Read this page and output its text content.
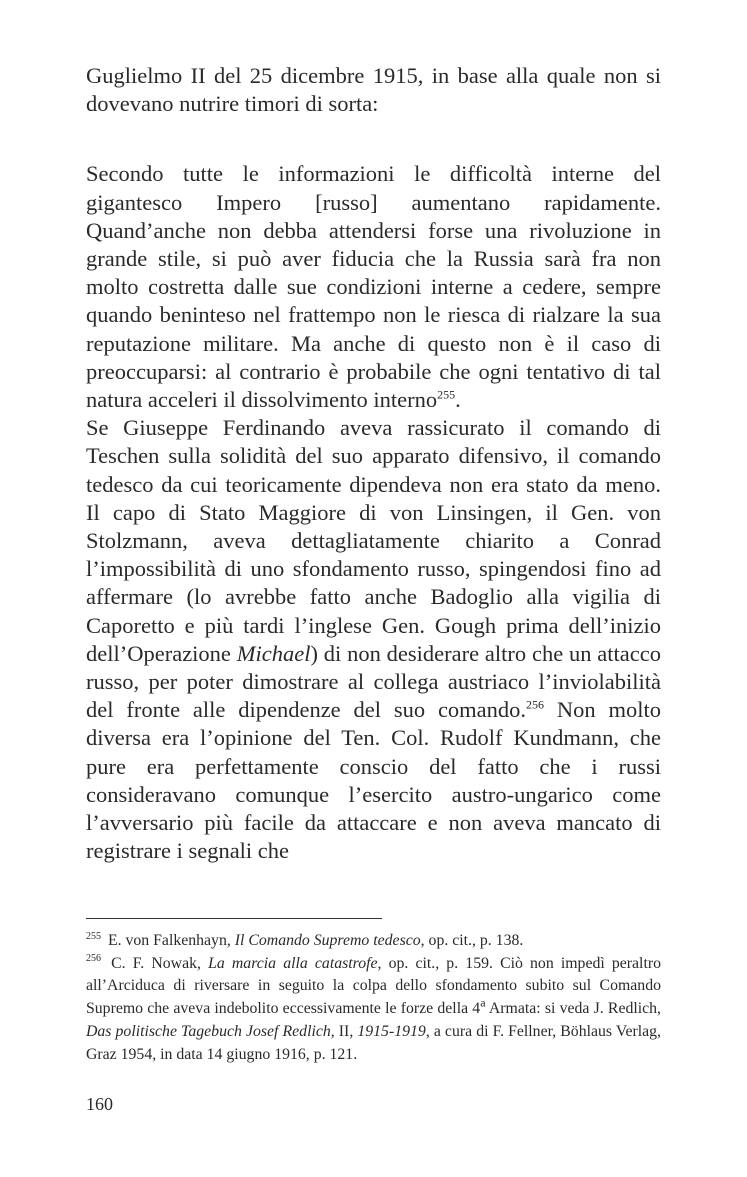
Guglielmo II del 25 dicembre 1915, in base alla quale non si dovevano nutrire timori di sorta:

Secondo tutte le informazioni le difficoltà interne del gigantesco Impero [russo] aumentano rapidamente. Quand’anche non debba attendersi forse una rivoluzione in grande stile, si può aver fiducia che la Russia sarà fra non molto costretta dalle sue condizioni interne a cedere, sempre quando beninteso nel frattempo non le riesca di rialzare la sua reputazione militare. Ma anche di questo non è il caso di preoccuparsi: al contrario è probabile che ogni tentativo di tal natura acceleri il dissolvimento interno$^{255}$.

Se Giuseppe Ferdinando aveva rassicurato il comando di Teschen sulla solidità del suo apparato difensivo, il comando tedesco da cui teoricamente dipendeva non era stato da meno. Il capo di Stato Maggiore di von Linsingen, il Gen. von Stolzmann, aveva dettagliatamente chiarito a Conrad l’impossibilità di uno sfondamento russo, spingendosi fino ad affermare (lo avrebbe fatto anche Badoglio alla vigilia di Caporetto e più tardi l’inglese Gen. Gough prima dell’inizio dell’Operazione Michael) di non desiderare altro che un attacco russo, per poter dimostrare al collega austriaco l’inviolabilità del fronte alle dipendenze del suo comando.$^{256}$ Non molto diversa era l’opinione del Ten. Col. Rudolf Kundmann, che pure era perfettamente conscio del fatto che i russi consideravano comunque l’esercito austro-ungarico come l’avversario più facile da attaccare e non aveva mancato di registrare i segnali che

$^{255}$ E. von Falkenhayn, Il Comando Supremo tedesco, op. cit., p. 138.

$^{256}$ C. F. Nowak, La marcia alla catastrofe, op. cit., p. 159. Ciò non impedì peraltro all’Arciduca di riversare in seguito la colpa dello sfondamento subito sul Comando Supremo che aveva indebolito eccessivamente le forze della 4$^a$ Armata: si veda J. Redlich, Das politische Tagebuch Josef Redlich, II, 1915-1919, a cura di F. Fellner, Böhlaus Verlag, Graz 1954, in data 14 giugno 1916, p. 121.

160
